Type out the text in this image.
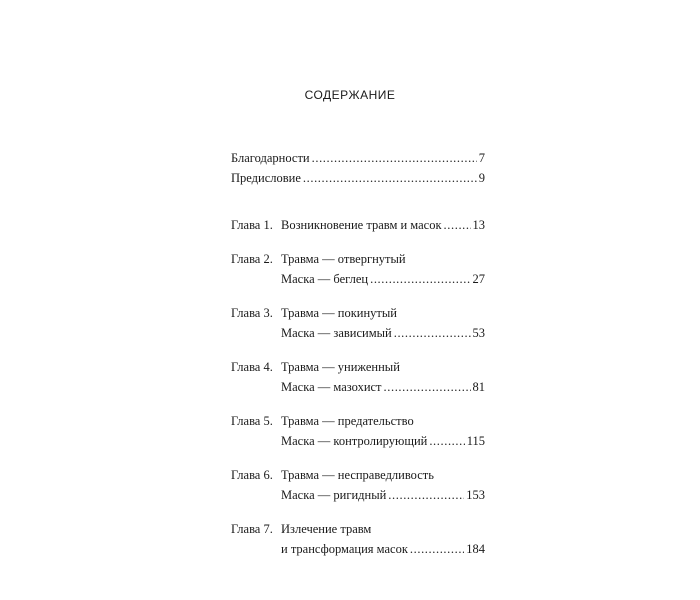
СОДЕРЖАНИЕ
Благодарности .....	7
Предисловие .....	9
Глава 1. Возникновение травм и масок ..... 13
Глава 2. Травма — отвергнутый
Маска — беглец .....	27
Глава 3. Травма — покинутый
Маска — зависимый .....	53
Глава 4. Травма — униженный
Маска — мазохист .....	81
Глава 5. Травма — предательство
Маска — контролирующий .....	115
Глава 6. Травма — несправедливость
Маска — ригидный .....	153
Глава 7. Излечение травм
и трансформация масок .....	184
